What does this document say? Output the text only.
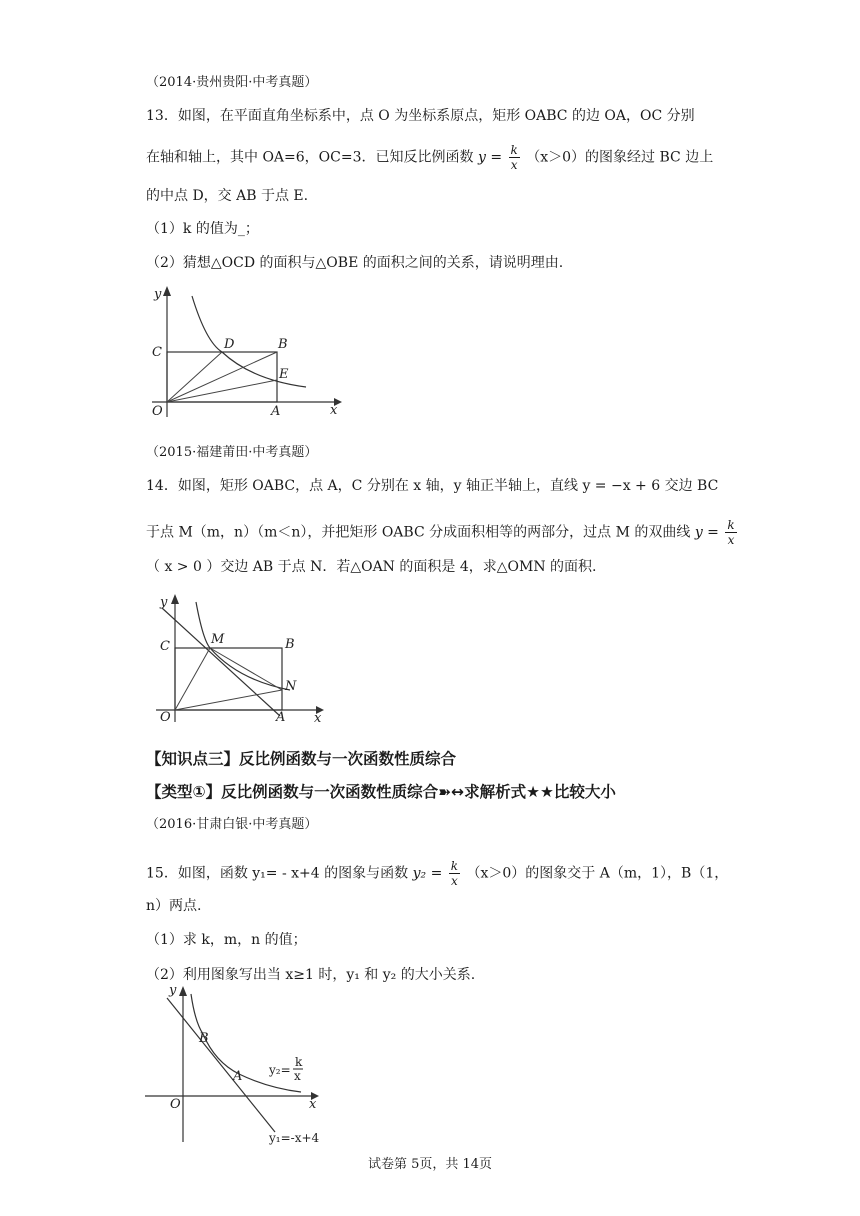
（2014·贵州贵阳·中考真题）
13．如图，在平面直角坐标系中，点 O 为坐标系原点，矩形 OABC 的边 OA，OC 分别
在轴和轴上，其中 OA=6，OC=3．已知反比例函数 $y = \frac{k}{x} (x>0)$的图象经过 BC 边上
的中点 D，交 AB 于点 E.
（1）k 的值为_；
（2）猜想△OCD 的面积与△OBE 的面积之间的关系，请说明理由.
y
x
O	A
B
C
D
E
（2015·福建莆田·中考真题）
14．如图，矩形 OABC，点 A，C 分别在 x 轴，y 轴正半轴上，直线 y = −x + 6 交边 BC
于点 M（m，n）（m＜n），并把矩形 OABC 分成面积相等的两部分，过点 M 的双曲线 $y = \frac{k}{x}$
（ x > 0 ）交边 AB 于点 N．若△OAN 的面积是 4，求△OMN 的面积.
y
x
O	A
B
C	M
N
【知识点三】反比例函数与一次函数性质综合
【类型①】反比例函数与一次函数性质综合➽↔求解析式★★比较大小
（2016·甘肃白银·中考真题）
15．如图，函数 y₁= - x+4 的图象与函数 $y_2 = \frac{k}{x} (x>0)$的图象交于 A（m，1），B（1，
n）两点.
（1）求 k，m，n 的值；
（2）利用图象写出当 x≥1 时，y₁ 和 y₂ 的大小关系.
y
x
O
A
B
y₂=
k
x
y₁=-x+4
试卷第 5页，共 14页
